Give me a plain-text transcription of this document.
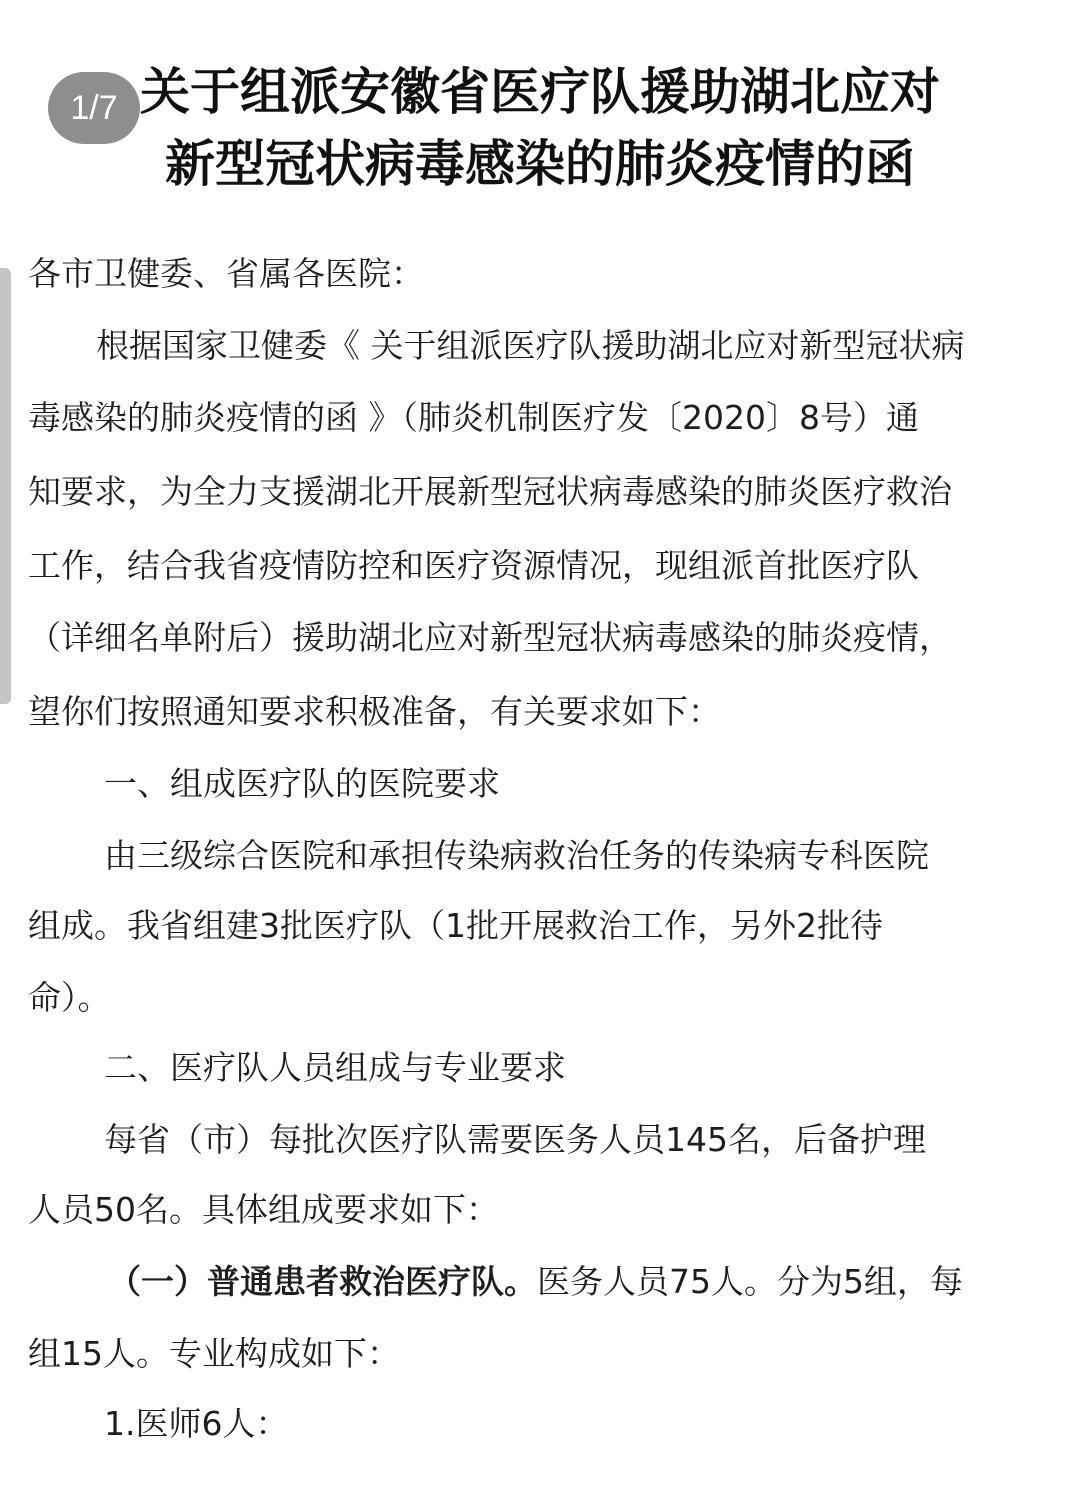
1/7 关于组派安徽省医疗队援助湖北应对
新型冠状病毒感染的肺炎疫情的函
各市卫健委、省属各医院：
根据国家卫健委《 关于组派医疗队援助湖北应对新型冠状病
毒感染的肺炎疫情的函 》（肺炎机制医疗发〔2020〕8号）通
知要求，为全力支援湖北开展新型冠状病毒感染的肺炎医疗救治
工作，结合我省疫情防控和医疗资源情况，现组派首批医疗队
（详细名单附后）援助湖北应对新型冠状病毒感染的肺炎疫情，
望你们按照通知要求积极准备，有关要求如下：
一、组成医疗队的医院要求
由三级综合医院和承担传染病救治任务的传染病专科医院
组成。我省组建3批医疗队（1批开展救治工作，另外2批待
命）。
二、医疗队人员组成与专业要求
每省（市）每批次医疗队需要医务人员145名，后备护理
人员50名。具体组成要求如下：
（一）普通患者救治医疗队。医务人员75人。分为5组，每
组15人。专业构成如下：
1.医师6人：
